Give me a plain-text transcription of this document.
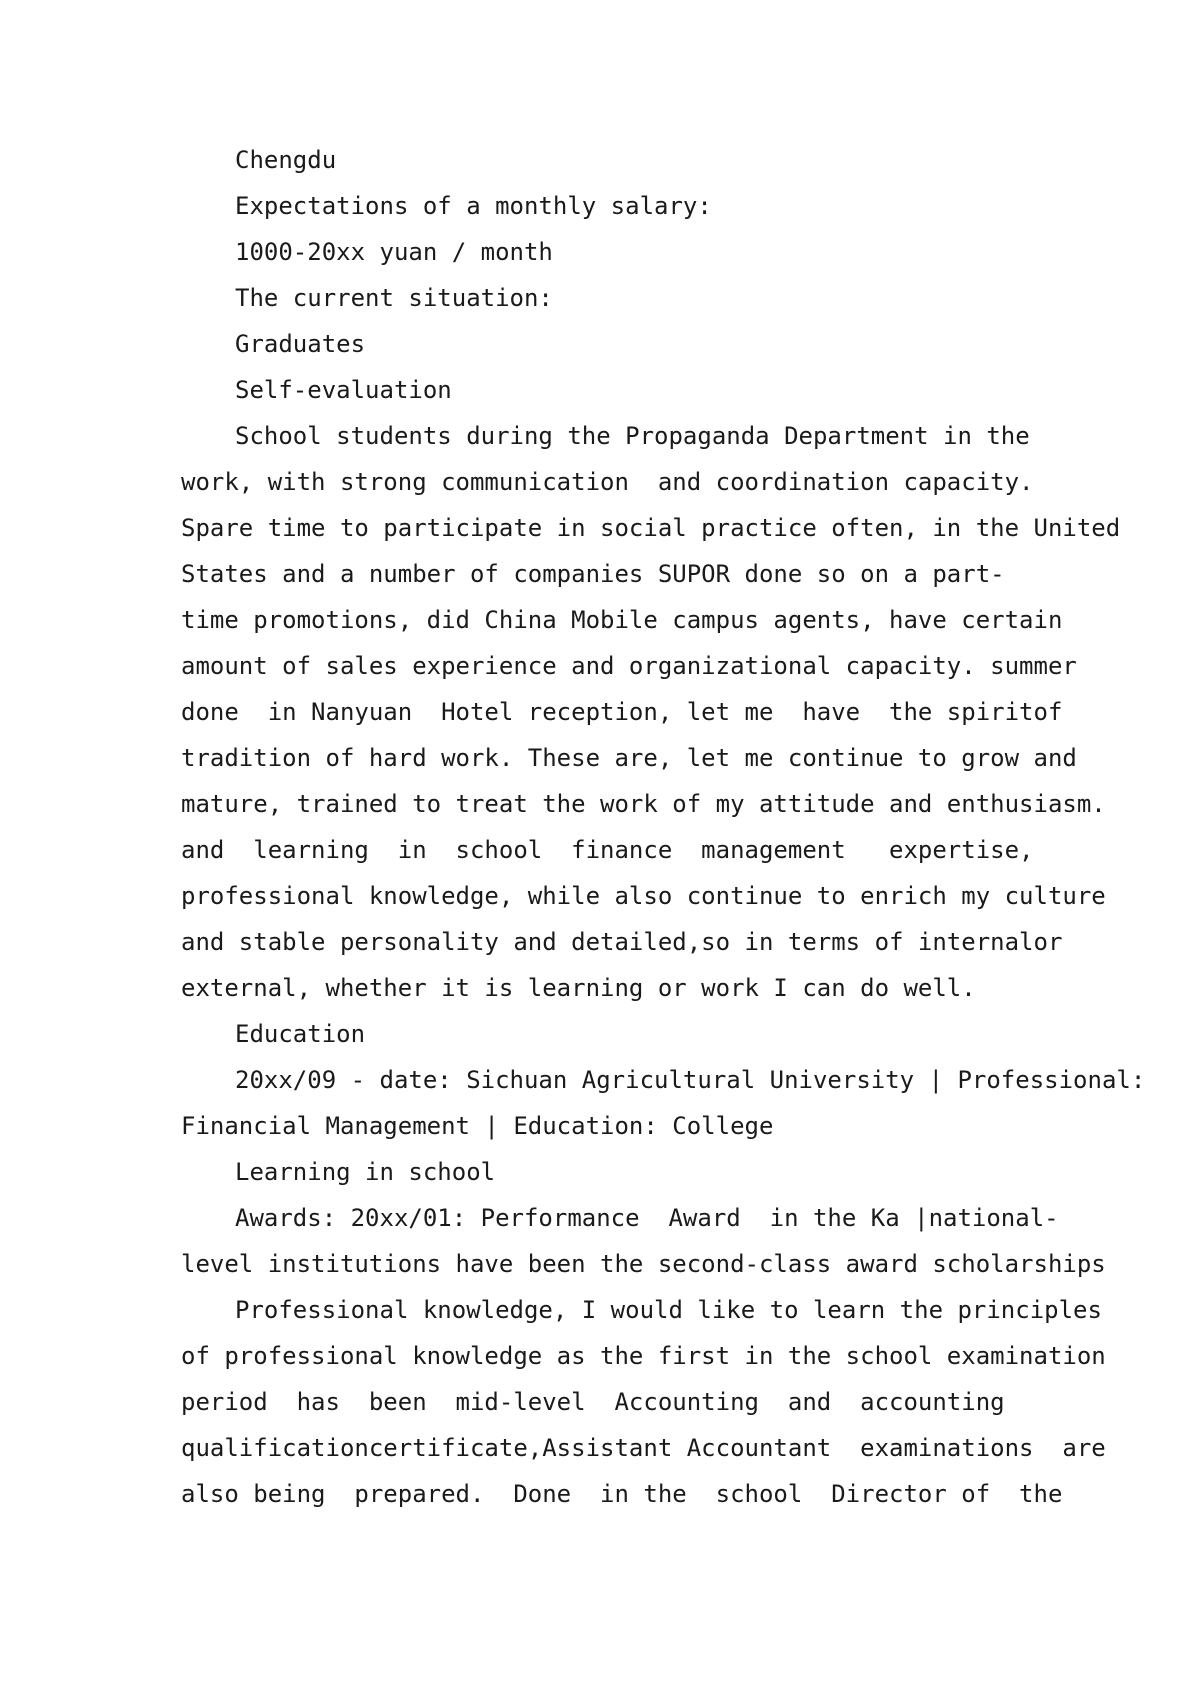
Chengdu
Expectations of a monthly salary:
1000-20xx yuan / month
The current situation:
Graduates
Self-evaluation
School students during the Propaganda Department in the
work, with strong communication  and coordination capacity.
Spare time to participate in social practice often, in the United
States and a number of companies SUPOR done so on a part-
time promotions, did China Mobile campus agents, have certain
amount of sales experience and organizational capacity. summer
done  in Nanyuan  Hotel reception, let me  have  the spiritof
tradition of hard work. These are, let me continue to grow and
mature, trained to treat the work of my attitude and enthusiasm.
and  learning  in  school  finance  management   expertise,
professional knowledge, while also continue to enrich my culture
and stable personality and detailed,so in terms of internalor
external, whether it is learning or work I can do well.
Education
20xx/09 - date: Sichuan Agricultural University | Professional:
Financial Management | Education: College
Learning in school
Awards: 20xx/01: Performance  Award  in the Ka |national-
level institutions have been the second-class award scholarships
Professional knowledge, I would like to learn the principles
of professional knowledge as the first in the school examination
period  has  been  mid-level  Accounting  and  accounting
qualificationcertificate,Assistant Accountant  examinations  are
also being  prepared.  Done  in the  school  Director of  the
